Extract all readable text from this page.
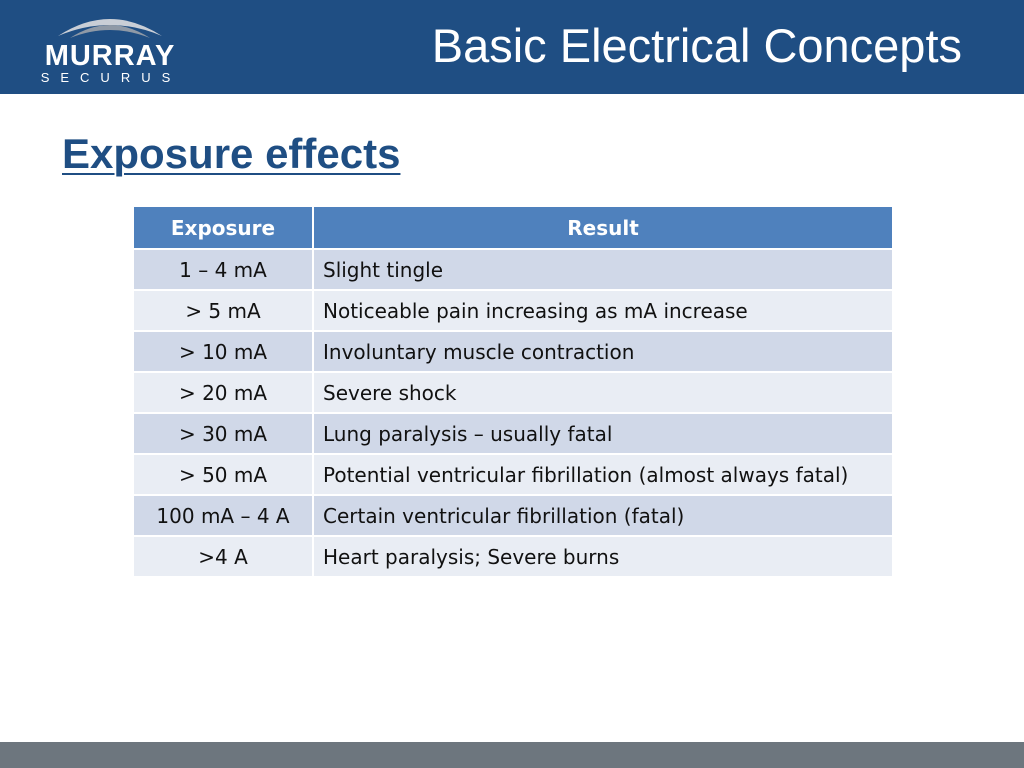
MURRAY
SECURUS
Basic Electrical Concepts
Exposure effects
Exposure	Result
1 – 4 mA	Slight tingle
> 5 mA	Noticeable pain increasing as mA increase
> 10 mA	Involuntary muscle contraction
> 20 mA	Severe shock
> 30 mA	Lung paralysis – usually fatal
> 50 mA	Potential ventricular fibrillation (almost always fatal)
100 mA – 4 A	Certain ventricular fibrillation (fatal)
>4 A	Heart paralysis; Severe burns
